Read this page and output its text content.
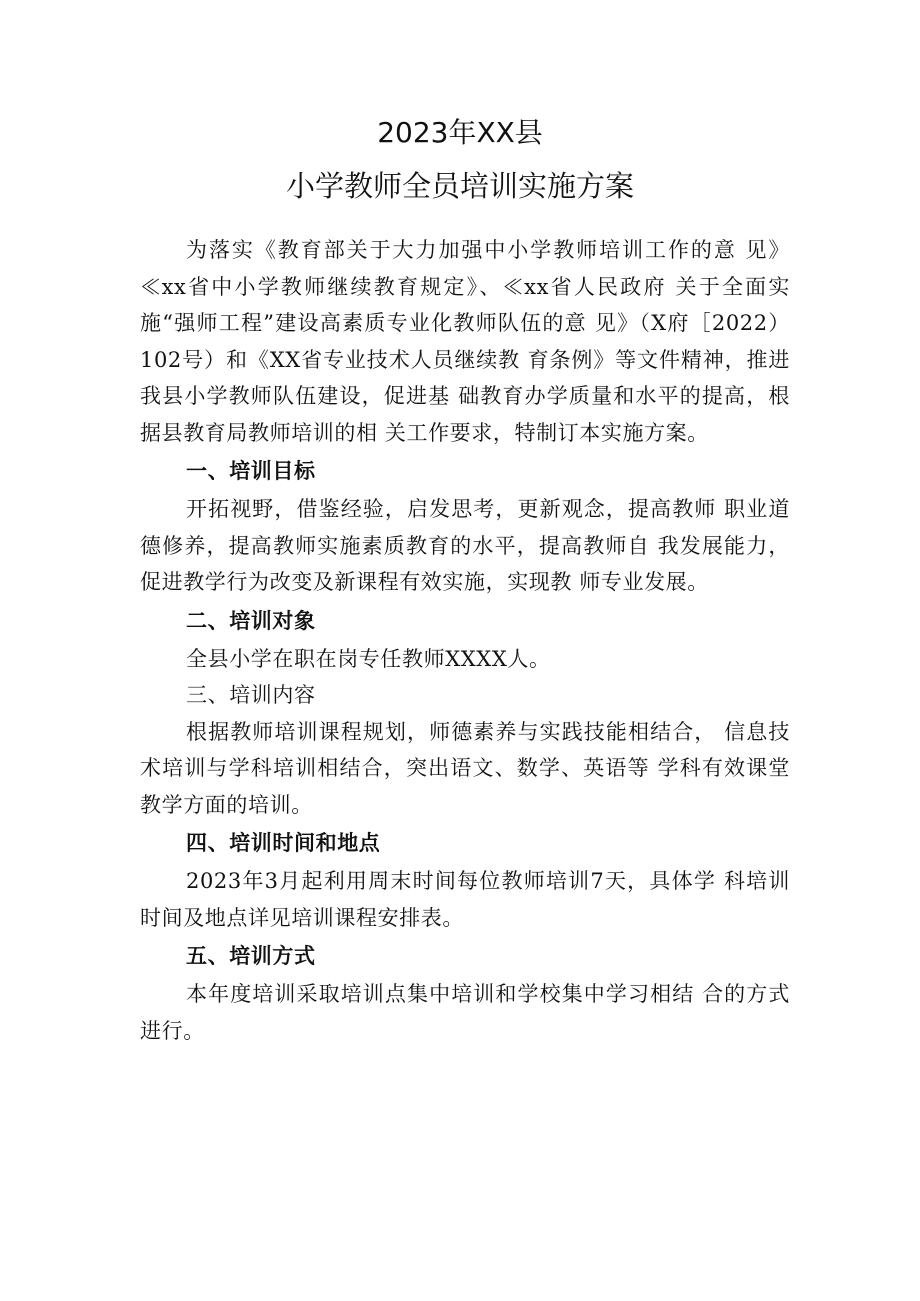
2023年XX县
小学教师全员培训实施方案

为落实《教育部关于大力加强中小学教师培训工作的意 见》≪xx省中小学教师继续教育规定》、≪xx省人民政府 关于全面实施“强师工程”建设高素质专业化教师队伍的意 见》（X府［2022） 102号）和《XX省专业技术人员继续教 育条例》等文件精神，推进我县小学教师队伍建设，促进基 础教育办学质量和水平的提高，根据县教育局教师培训的相 关工作要求，特制订本实施方案。

一、培训目标

开拓视野，借鉴经验，启发思考，更新观念，提高教师 职业道德修养，提高教师实施素质教育的水平，提高教师自 我发展能力，促进教学行为改变及新课程有效实施，实现教 师专业发展。

二、培训对象

全县小学在职在岗专任教师XXXX人。

三、培训内容

根据教师培训课程规划，师德素养与实践技能相结合， 信息技术培训与学科培训相结合，突出语文、数学、英语等 学科有效课堂教学方面的培训。

四、培训时间和地点

2023年3月起利用周末时间每位教师培训7天，具体学 科培训时间及地点详见培训课程安排表。

五、培训方式

本年度培训采取培训点集中培训和学校集中学习相结 合的方式进行。
